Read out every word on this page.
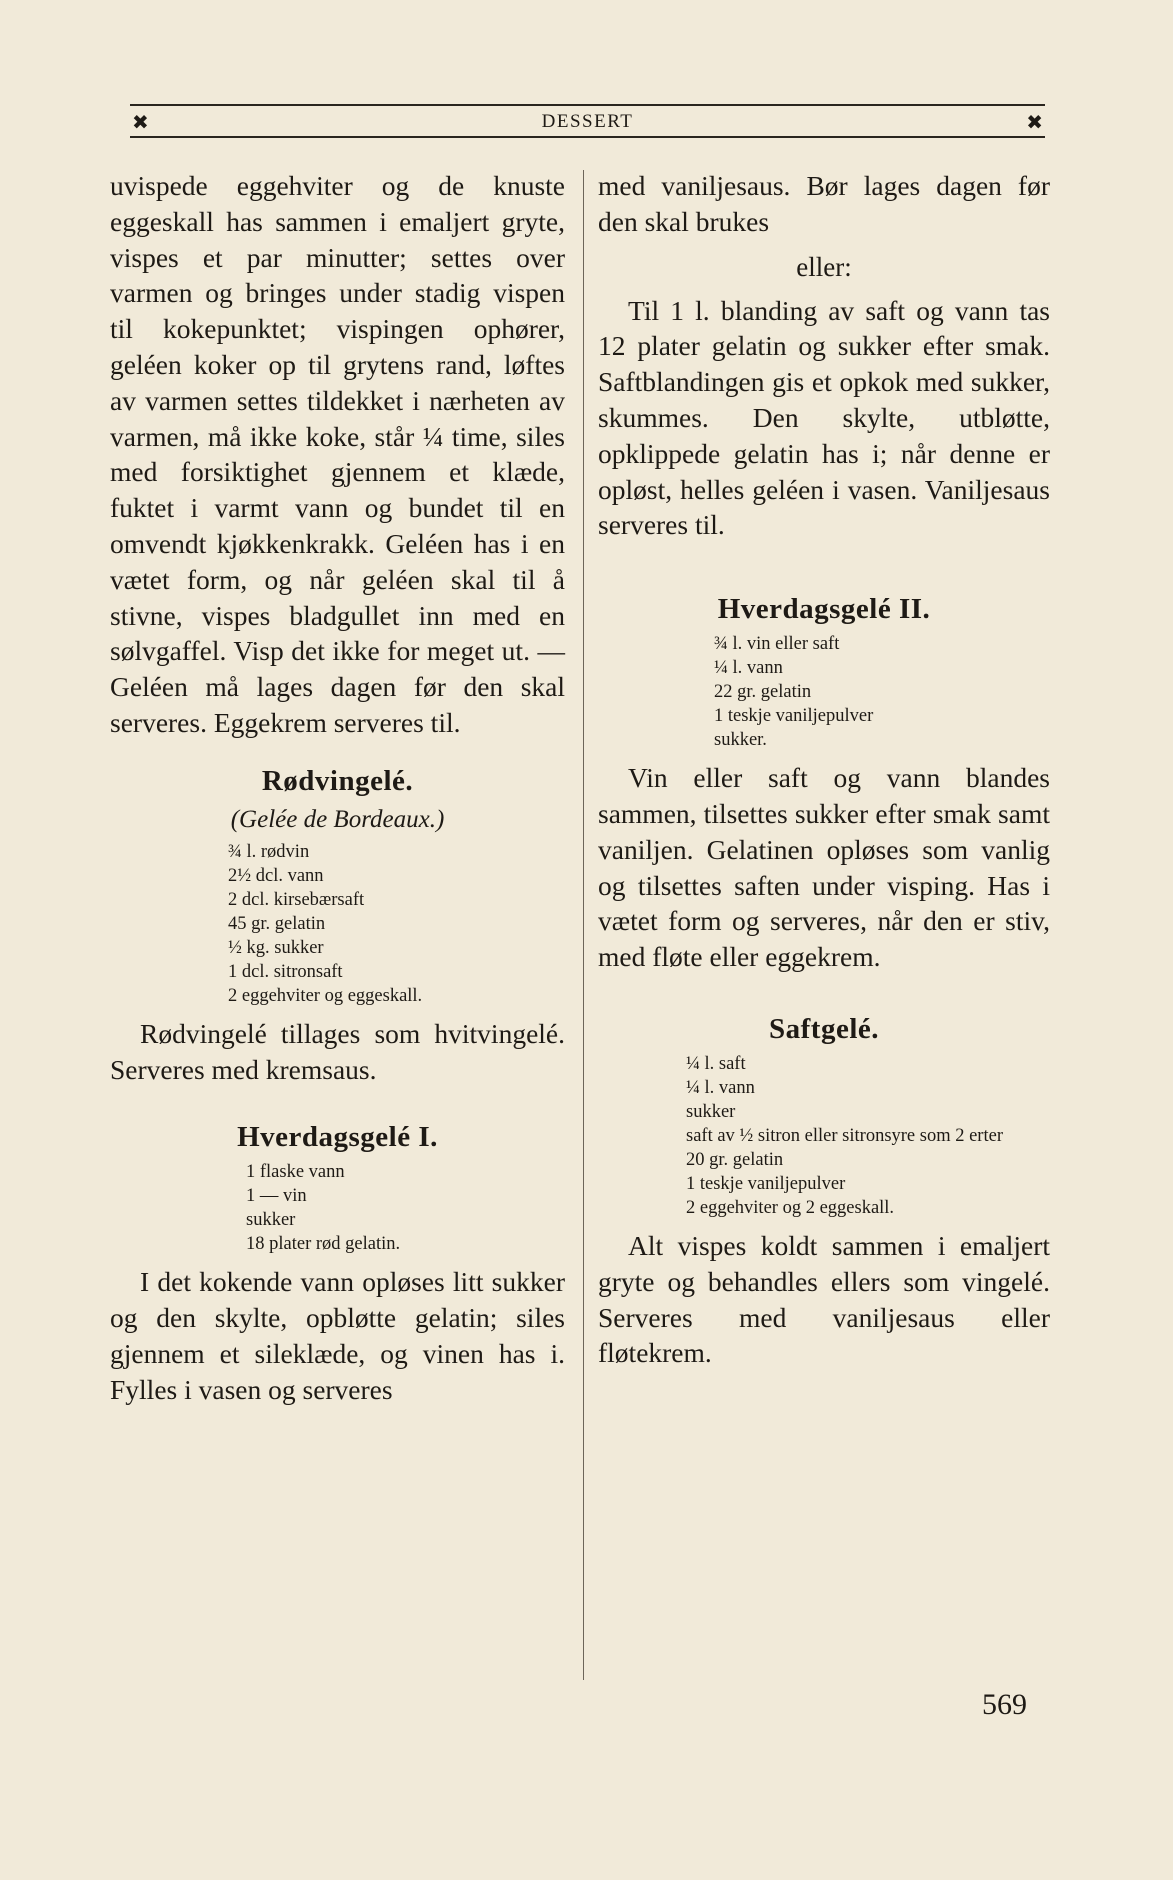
✖	DESSERT	✖

uvispede eggehviter og de knuste eggeskall has sammen i emaljert gryte, vispes et par minutter; settes over varmen og bringes under stadig vispen til kokepunktet; vispingen ophører, geléen koker op til grytens rand, løftes av varmen settes tildekket i nærheten av varmen, må ikke koke, står ¼ time, siles med forsiktighet gjennem et klæde, fuktet i varmt vann og bundet til en omvendt kjøkkenkrakk. Geléen has i en vætet form, og når geléen skal til å stivne, vispes bladgullet inn med en sølvgaffel. Visp det ikke for meget ut. — Geléen må lages dagen før den skal serveres. Eggekrem serveres til.

Rødvingelé.
(Gelée de Bordeaux.)
¾ l. rødvin
2½ dcl. vann
2 dcl. kirsebærsaft
45 gr. gelatin
½ kg. sukker
1 dcl. sitronsaft
2 eggehviter og eggeskall.

Rødvingelé tillages som hvitvingelé. Serveres med kremsaus.

Hverdagsgelé I.
1 flaske vann
1 — vin
sukker
18 plater rød gelatin.

I det kokende vann opløses litt sukker og den skylte, opbløtte gelatin; siles gjennem et sileklæde, og vinen has i. Fylles i vasen og serveres

med vaniljesaus. Bør lages dagen før den skal brukes

eller:

Til 1 l. blanding av saft og vann tas 12 plater gelatin og sukker efter smak. Saftblandingen gis et opkok med sukker, skummes. Den skylte, utbløtte, opklippede gelatin has i; når denne er opløst, helles geléen i vasen. Vaniljesaus serveres til.

Hverdagsgelé II.
¾ l. vin eller saft
¼ l. vann
22 gr. gelatin
1 teskje vaniljepulver
sukker.

Vin eller saft og vann blandes sammen, tilsettes sukker efter smak samt vaniljen. Gelatinen opløses som vanlig og tilsettes saften under visping. Has i vætet form og serveres, når den er stiv, med fløte eller eggekrem.

Saftgelé.
¼ l. saft
¼ l. vann
sukker
saft av ½ sitron eller sitronsyre som 2 erter
20 gr. gelatin
1 teskje vaniljepulver
2 eggehviter og 2 eggeskall.

Alt vispes koldt sammen i emaljert gryte og behandles ellers som vingelé. Serveres med vaniljesaus eller fløtekrem.

569
